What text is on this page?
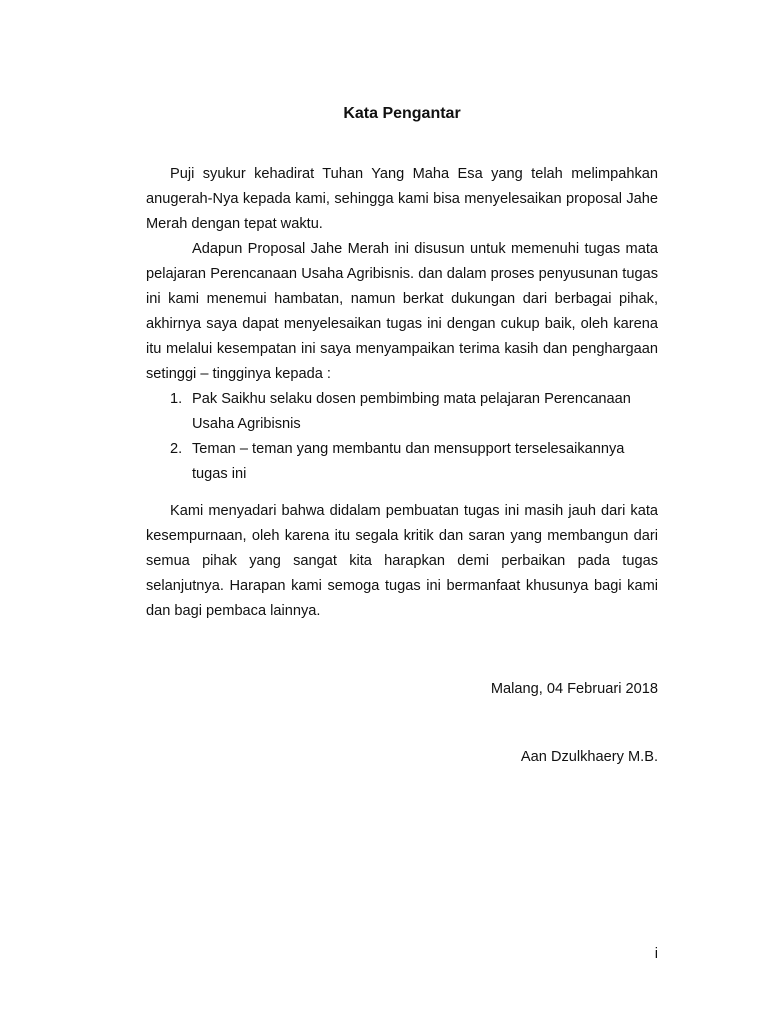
Kata Pengantar

Puji syukur kehadirat Tuhan Yang Maha Esa yang telah melimpahkan anugerah-Nya kepada kami, sehingga kami bisa menyelesaikan proposal Jahe Merah dengan tepat waktu.

Adapun Proposal Jahe Merah ini disusun untuk memenuhi tugas mata pelajaran Perencanaan Usaha Agribisnis. dan dalam proses penyusunan tugas ini kami menemui hambatan, namun berkat dukungan dari berbagai pihak, akhirnya saya dapat menyelesaikan tugas ini dengan cukup baik, oleh karena itu melalui kesempatan ini saya menyampaikan terima kasih dan penghargaan setinggi – tingginya kepada :

1. Pak Saikhu selaku dosen pembimbing mata pelajaran Perencanaan Usaha Agribisnis
2. Teman – teman yang membantu dan mensupport terselesaikannya tugas ini

Kami menyadari bahwa didalam pembuatan tugas ini masih jauh dari kata kesempurnaan, oleh karena itu segala kritik dan saran yang membangun dari semua pihak yang sangat kita harapkan demi perbaikan pada tugas selanjutnya. Harapan kami semoga tugas ini bermanfaat khusunya bagi kami dan bagi pembaca lainnya.

Malang, 04 Februari 2018

Aan Dzulkhaery M.B.

i
